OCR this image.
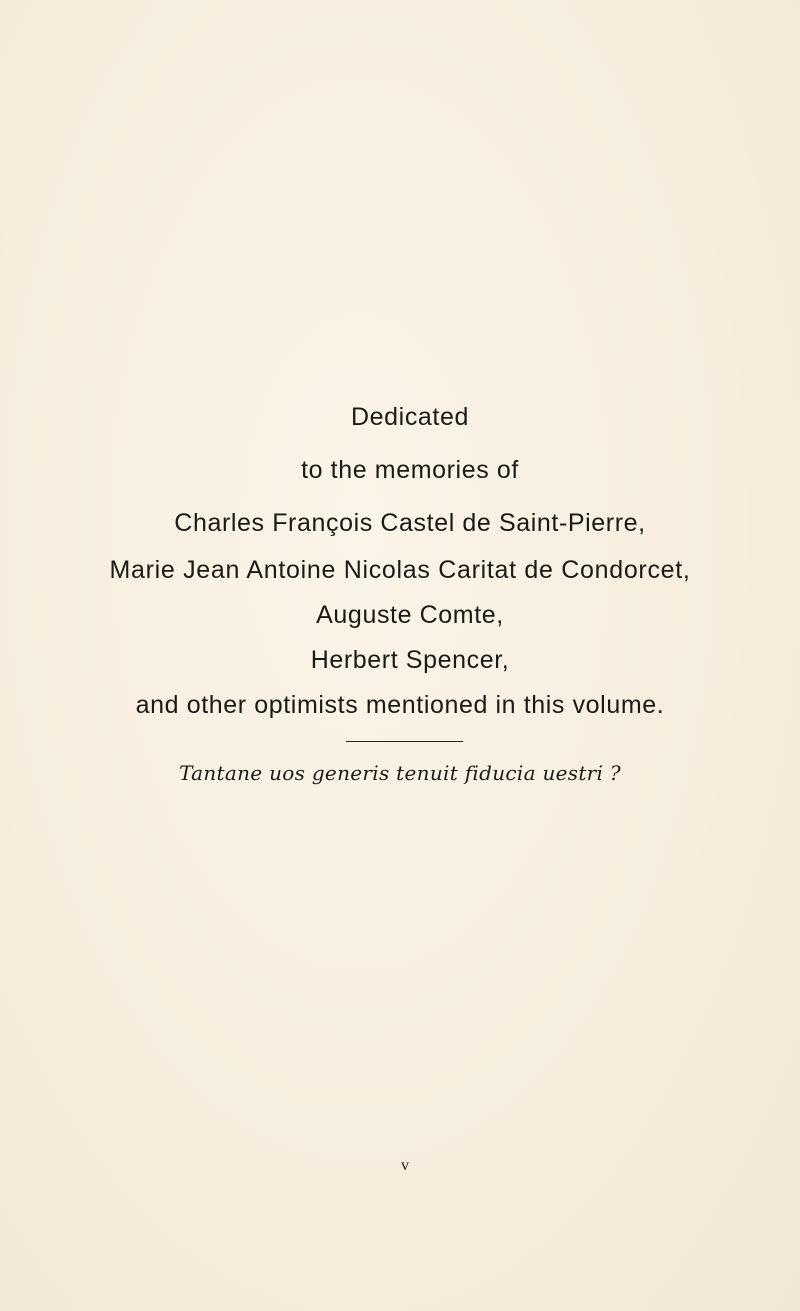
Dedicated
to the memories of
Charles François Castel de Saint-Pierre,
Marie Jean Antoine Nicolas Caritat de Condorcet,
Auguste Comte,
Herbert Spencer,
and other optimists mentioned in this volume.
Tantane uos generis tenuit fiducia uestri ?
v
